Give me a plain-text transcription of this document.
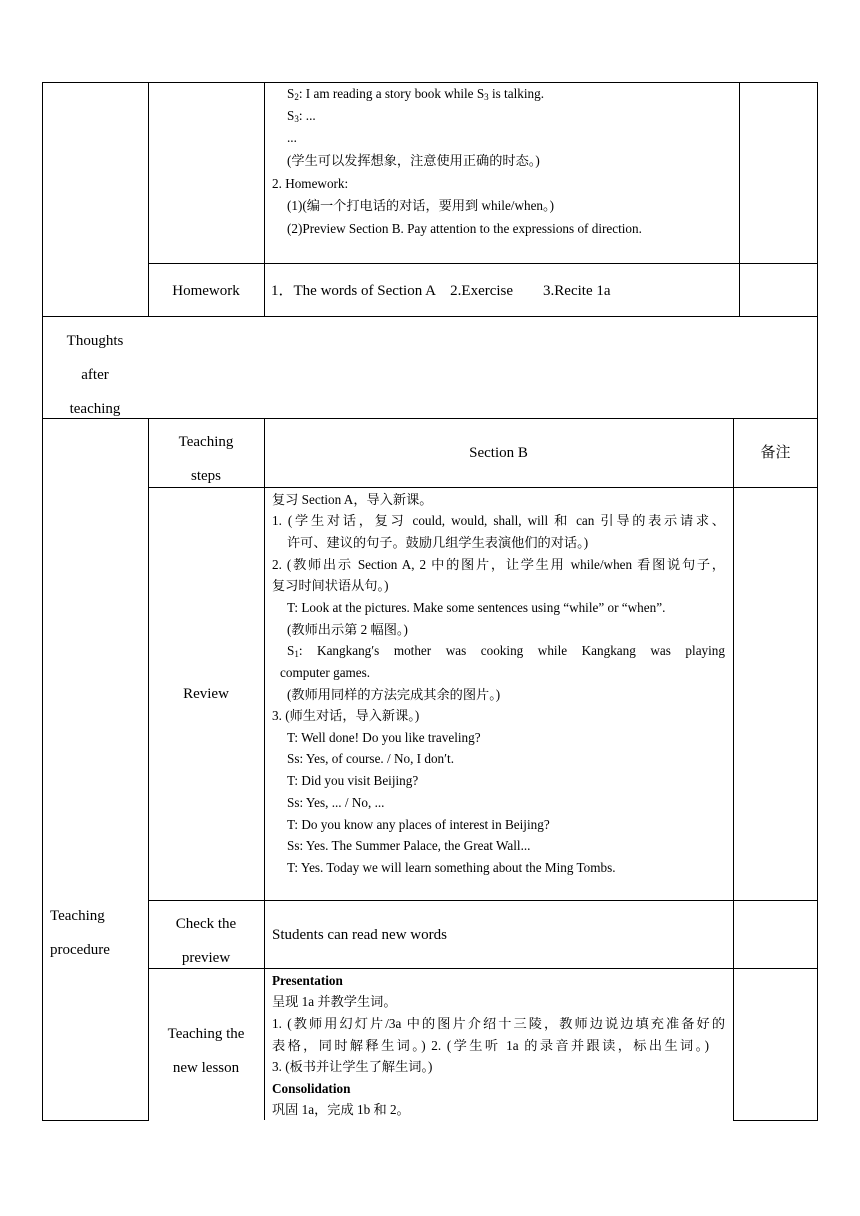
$S_2$: I am reading a story book while $S_3$ is talking.
$S_3$: ...
...
(学生可以发挥想象，注意使用正确的时态。)
2. Homework:
(1)(编一个打电话的对话，要用到 while/when。)
(2)Preview Section B. Pay attention to the expressions of direction.
Homework	1．The words of Section A　2.Exercise　　3.Recite 1a
Thoughts
after
teaching
Teaching
steps
Section B	备注
Teaching
procedure
Review
复习 Section A，导入新课。
1. (学生对话，复习 could, would, shall, will 和 can 引导的表示请求、
许可、建议的句子。鼓励几组学生表演他们的对话。)
2. (教师出示 Section A, 2 中的图片，让学生用 while/when 看图说句子，
复习时间状语从句。)
T: Look at the pictures. Make some sentences using “while” or “when”.
(教师出示第 2 幅图。)
$S_1$: Kangkang′s mother was cooking while Kangkang was playing
computer games.
(教师用同样的方法完成其余的图片。)
3. (师生对话，导入新课。)
T: Well done! Do you like traveling?
Ss: Yes, of course. / No, I don′t.
T: Did you visit Beijing?
Ss: Yes, ... / No, ...
T: Do you know any places of interest in Beijing?
Ss: Yes. The Summer Palace, the Great Wall...
T: Yes. Today we will learn something about the Ming Tombs.
Check the
preview
Students can read new words
Teaching the
new lesson
Presentation
呈现 1a 并教学生词。
1. (教师用幻灯片/3a 中的图片介绍十三陵，教师边说边填充准备好的
表格，同时解释生词。) 2. (学生听 1a 的录音并跟读，标出生词。)
3. (板书并让学生了解生词。)
Consolidation
巩固 1a，完成 1b 和 2。
